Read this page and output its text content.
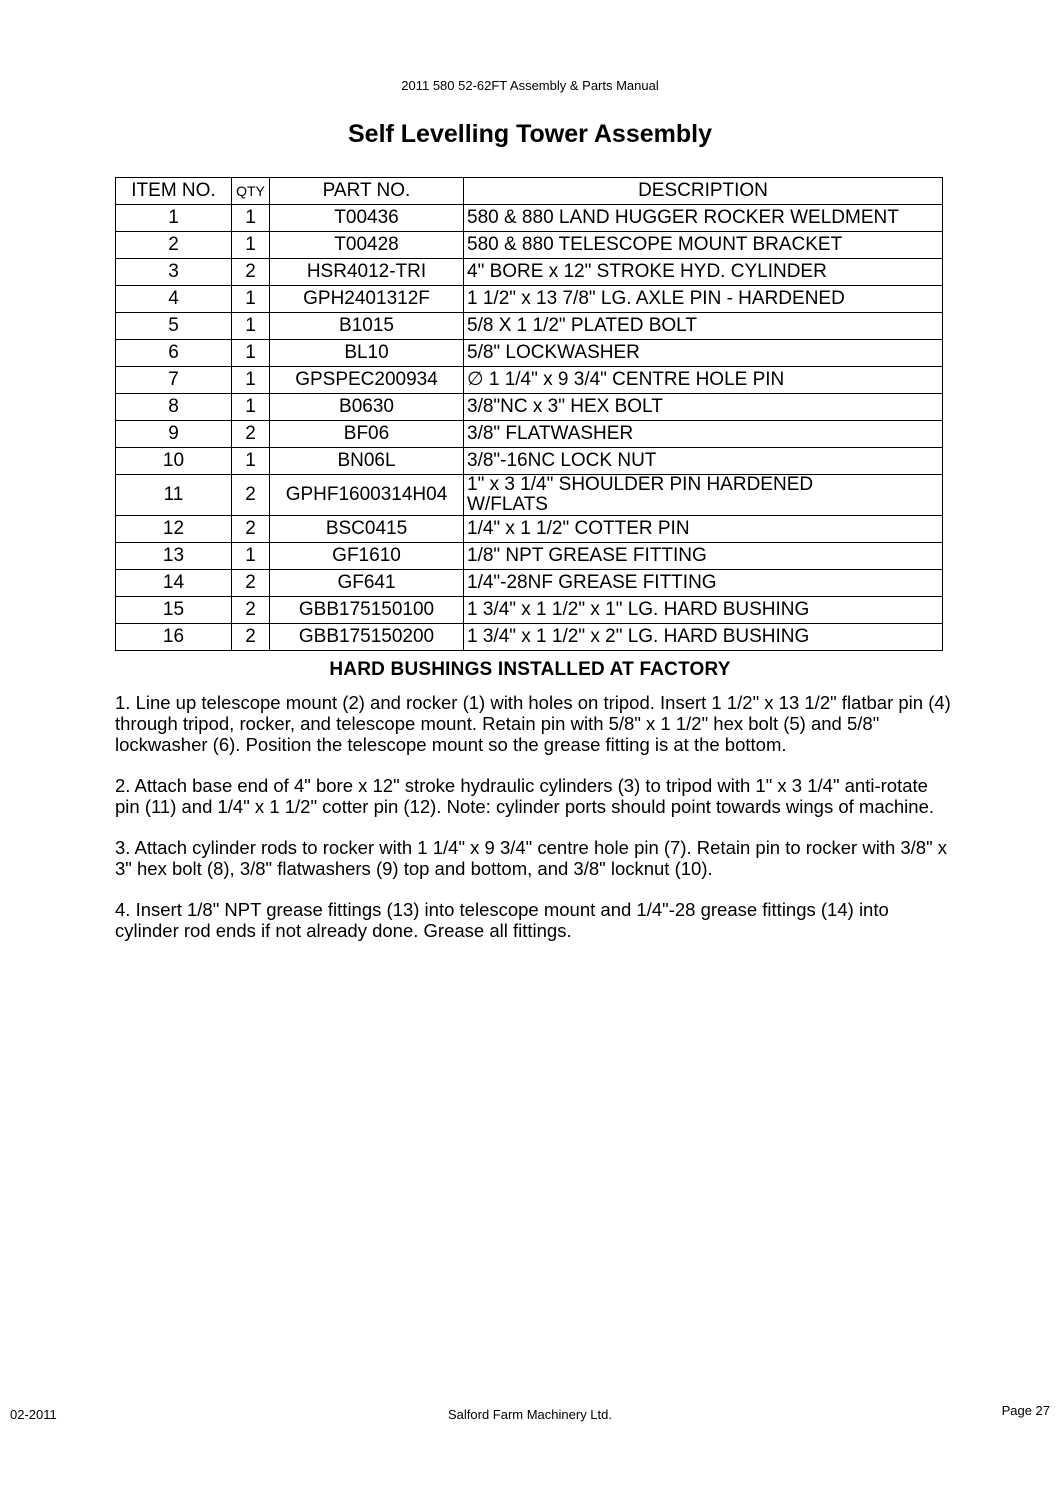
2011 580 52-62FT Assembly & Parts Manual
Self Levelling Tower Assembly
ITEM NO.	QTY	PART NO.	DESCRIPTION
1	1	T00436	580 & 880 LAND HUGGER ROCKER WELDMENT
2	1	T00428	580 & 880 TELESCOPE MOUNT BRACKET
3	2	HSR4012-TRI	4" BORE x 12" STROKE HYD. CYLINDER
4	1	GPH2401312F	1 1/2" x 13 7/8" LG. AXLE PIN - HARDENED
5	1	B1015	5/8 X 1 1/2" PLATED BOLT
6	1	BL10	5/8" LOCKWASHER
7	1	GPSPEC200934	∅ 1 1/4" x 9 3/4" CENTRE HOLE PIN
8	1	B0630	3/8"NC x 3" HEX BOLT
9	2	BF06	3/8" FLATWASHER
10	1	BN06L	3/8"-16NC LOCK NUT
11	2	GPHF1600314H04	1" x 3 1/4" SHOULDER PIN HARDENED
W/FLATS

12	2	BSC0415	1/4" x 1 1/2" COTTER PIN
13	1	GF1610	1/8" NPT GREASE FITTING
14	2	GF641	1/4"-28NF GREASE FITTING
15	2	GBB175150100	1 3/4" x 1 1/2" x 1" LG. HARD BUSHING
16	2	GBB175150200	1 3/4" x 1 1/2" x 2" LG. HARD BUSHING
HARD BUSHINGS INSTALLED AT FACTORY

1. Line up telescope mount (2) and rocker (1) with holes on tripod. Insert 1 1/2" x 13 1/2" flatbar pin (4) through tripod, rocker, and telescope mount. Retain pin with 5/8" x 1 1/2" hex bolt (5) and 5/8" lockwasher (6). Position the telescope mount so the grease fitting is at the bottom.

2. Attach base end of 4" bore x 12" stroke hydraulic cylinders (3) to tripod with 1" x 3 1/4" anti-rotate pin (11) and 1/4" x 1 1/2" cotter pin (12). Note: cylinder ports should point towards wings of machine.

3. Attach cylinder rods to rocker with 1 1/4" x 9 3/4" centre hole pin (7). Retain pin to rocker with 3/8" x 3" hex bolt (8), 3/8" flatwashers (9) top and bottom, and 3/8" locknut (10).

4. Insert 1/8" NPT grease fittings (13) into telescope mount and 1/4"-28 grease fittings (14) into cylinder rod ends if not already done. Grease all fittings.

02-2011	Salford Farm Machinery Ltd.	Page 27
